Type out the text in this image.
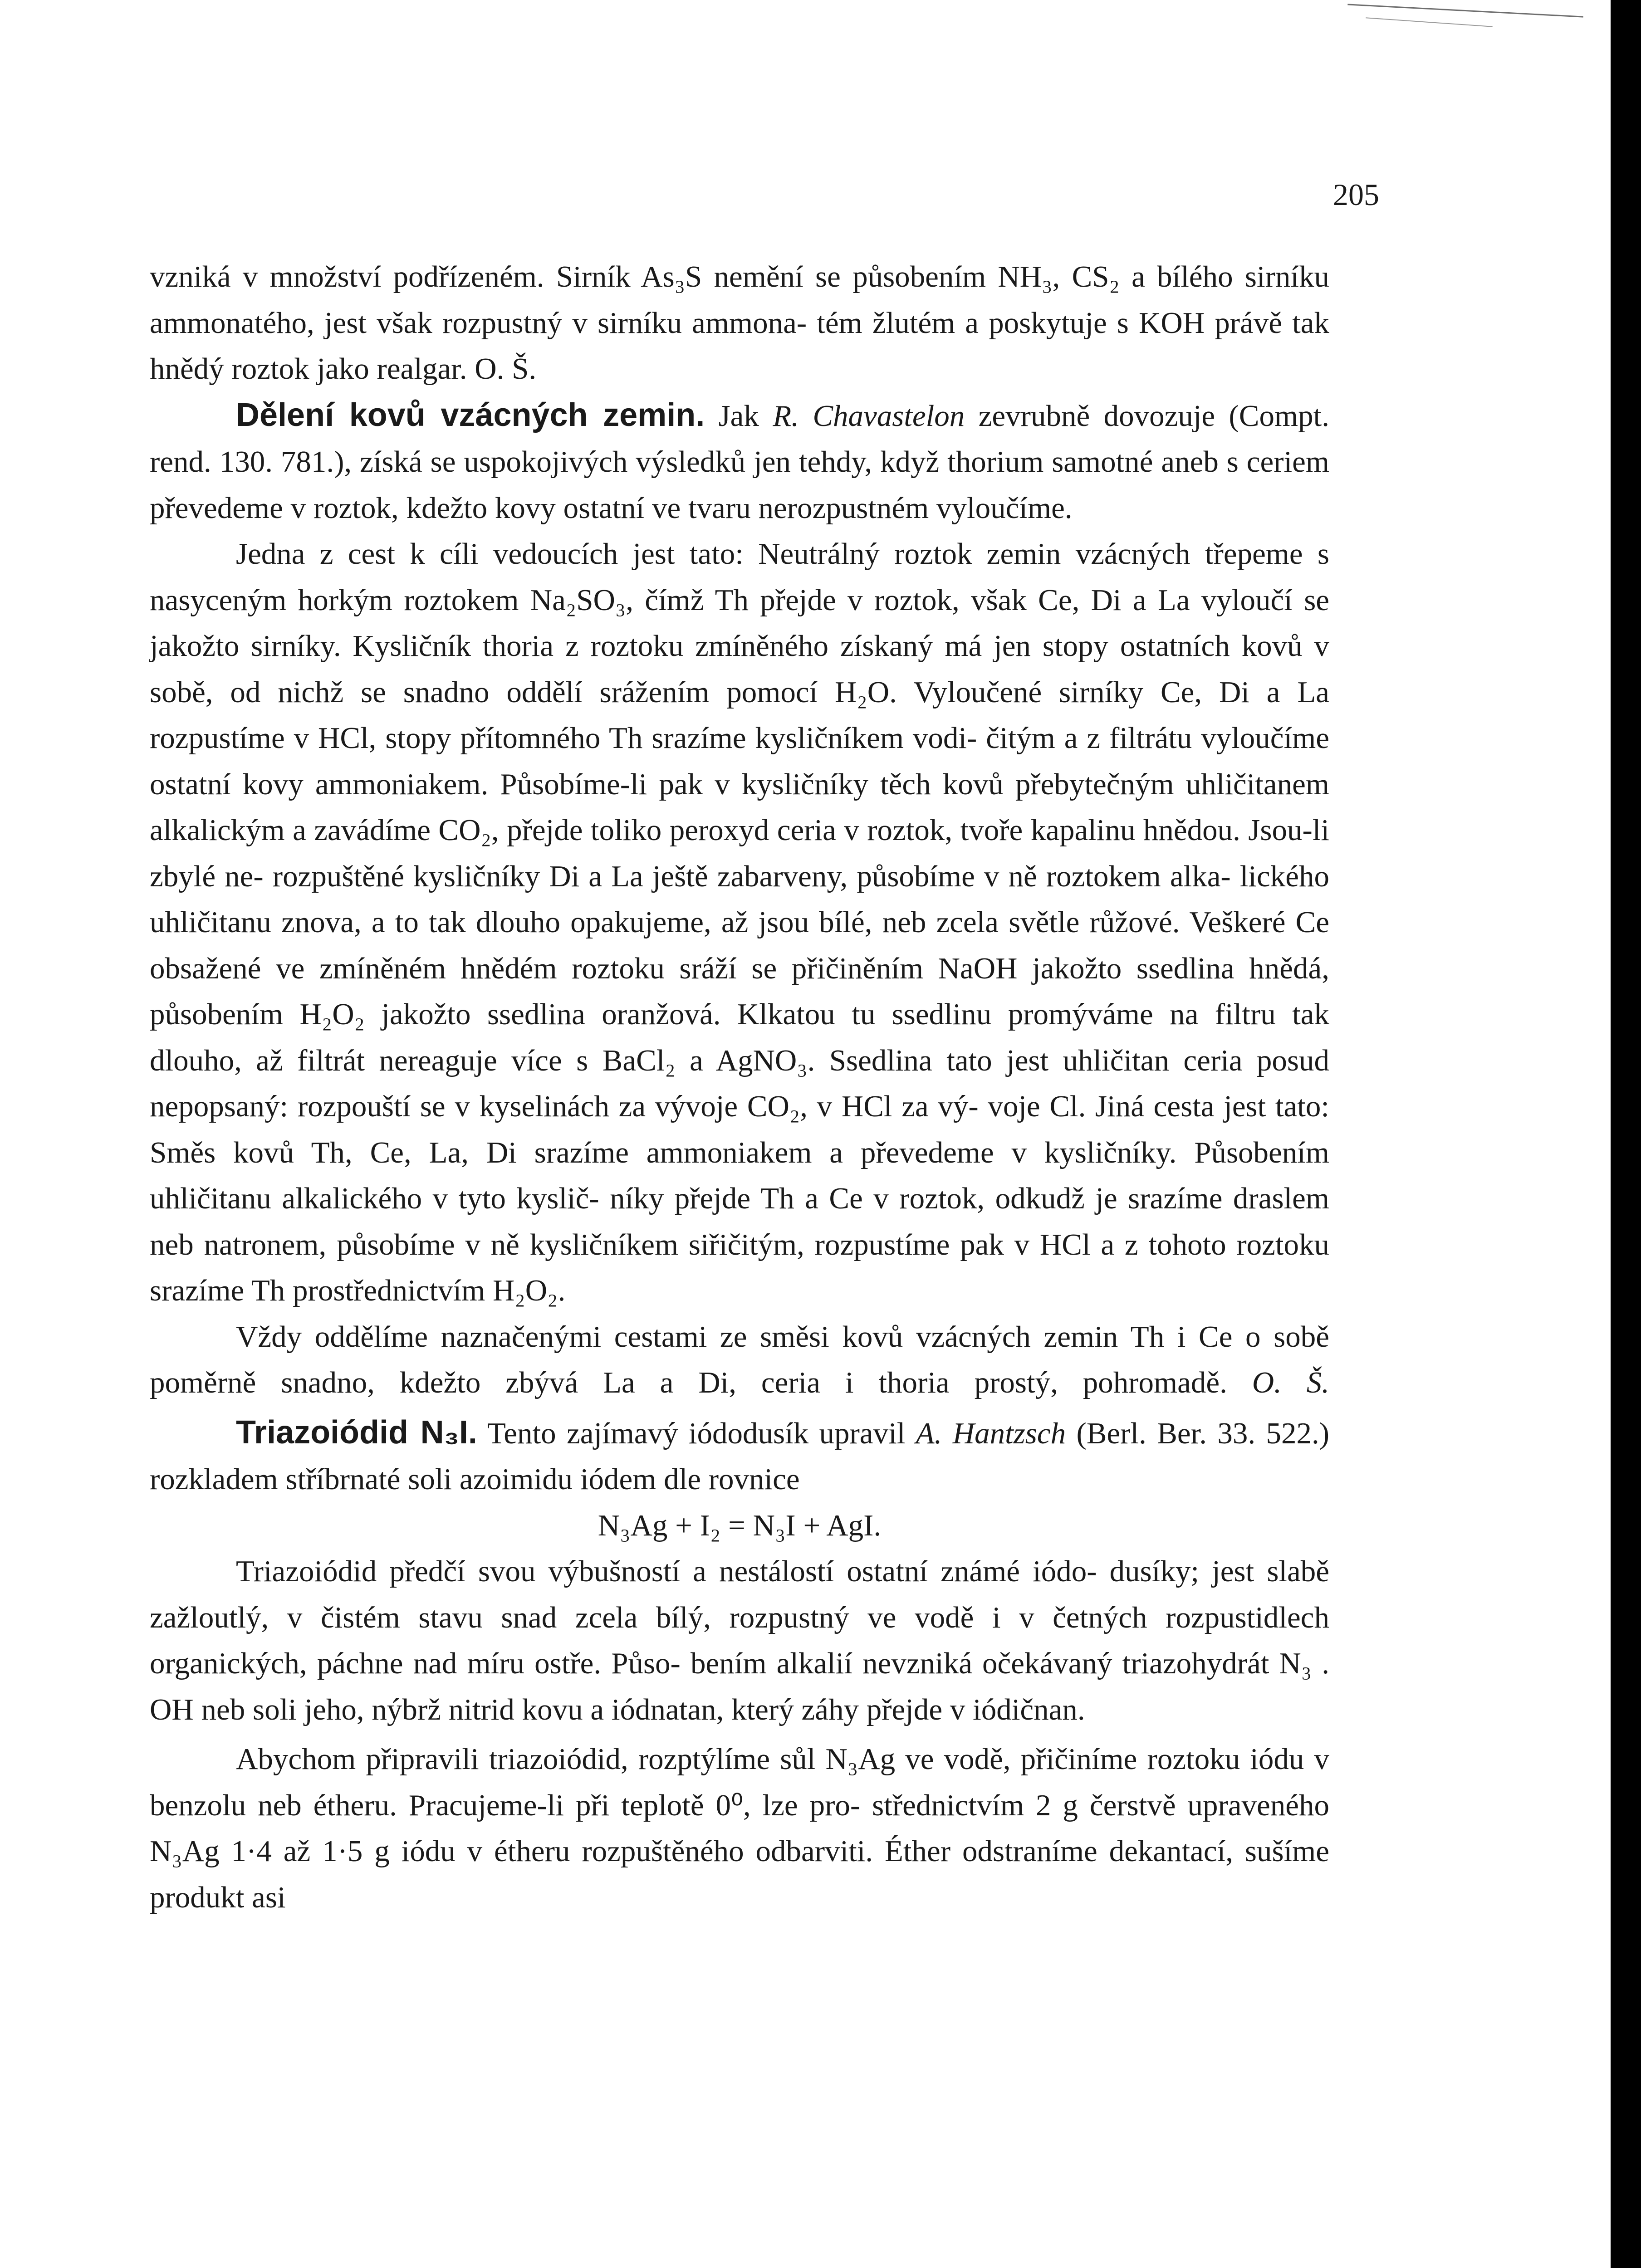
205

vzniká v množství podřízeném. Sirník As₃S nemění se působením NH₃, CS₂ a bílého sirníku ammonatého, jest však rozpustný v sirníku ammona- tém žlutém a poskytuje s KOH právě tak hnědý roztok jako realgar. O. Š.

Dělení kovů vzácných zemin. Jak R. Chavastelon zevrubně dovozuje (Compt. rend. 130. 781.), získá se uspokojivých výsledků jen tehdy, když thorium samotné aneb s ceriem převedeme v roztok, kdežto kovy ostatní ve tvaru nerozpustném vyloučíme.

Jedna z cest k cíli vedoucích jest tato: Neutrálný roztok zemin vzácných třepeme s nasyceným horkým roztokem Na₂SO₃, čímž Th přejde v roztok, však Ce, Di a La vyloučí se jakožto sirníky. Kysličník thoria z roztoku zmíněného získaný má jen stopy ostatních kovů v sobě, od nichž se snadno oddělí srážením pomocí H₂O. Vyloučené sirníky Ce, Di a La rozpustíme v HCl, stopy přítomného Th srazíme kysličníkem vodi- čitým a z filtrátu vyloučíme ostatní kovy ammoniakem. Působíme-li pak v kysličníky těch kovů přebytečným uhličitanem alkalickým a zavádíme CO₂, přejde toliko peroxyd ceria v roztok, tvoře kapalinu hnědou. Jsou-li zbylé ne- rozpuštěné kysličníky Di a La ještě zabarveny, působíme v ně roztokem alka- lického uhličitanu znova, a to tak dlouho opakujeme, až jsou bílé, neb zcela světle růžové. Veškeré Ce obsažené ve zmíněném hnědém roztoku sráží se přičiněním NaOH jakožto ssedlina hnědá, působením H₂O₂ jakožto ssedlina oranžová. Klkatou tu ssedlinu promýváme na filtru tak dlouho, až filtrát nereaguje více s BaCl₂ a AgNO₃. Ssedlina tato jest uhličitan ceria posud nepopsaný: rozpouští se v kyselinách za vývoje CO₂, v HCl za vý- voje Cl. Jiná cesta jest tato: Směs kovů Th, Ce, La, Di srazíme ammoniakem a převedeme v kysličníky. Působením uhličitanu alkalického v tyto kyslič- níky přejde Th a Ce v roztok, odkudž je srazíme draslem neb natronem, působíme v ně kysličníkem siřičitým, rozpustíme pak v HCl a z tohoto roztoku srazíme Th prostřednictvím H₂O₂.

Vždy oddělíme naznačenými cestami ze směsi kovů vzácných zemin Th i Ce o sobě poměrně snadno, kdežto zbývá La a Di, ceria i thoria prostý, pohromadě. O. Š.

Triazoiódid N₃I. Tento zajímavý iódodusík upravil A. Hantzsch (Berl. Ber. 33. 522.) rozkladem stříbrnaté soli azoimidu iódem dle rovnice

N₃Ag + I₂ = N₃I + AgI.

Triazoiódid předčí svou výbušností a nestálostí ostatní známé iódo- dusíky; jest slabě zažloutlý, v čistém stavu snad zcela bílý, rozpustný ve vodě i v četných rozpustidlech organických, páchne nad míru ostře. Půso- bením alkalií nevzniká očekávaný triazohydrát N₃ . OH neb soli jeho, nýbrž nitrid kovu a iódnatan, který záhy přejde v iódičnan.

Abychom připravili triazoiódid, rozptýlíme sůl N₃Ag ve vodě, přičiníme roztoku iódu v benzolu neb étheru. Pracujeme-li při teplotě 0⁰, lze pro- střednictvím 2 g čerstvě upraveného N₃Ag 1·4 až 1·5 g iódu v étheru rozpuštěného odbarviti. Éther odstraníme dekantací, sušíme produkt asi
